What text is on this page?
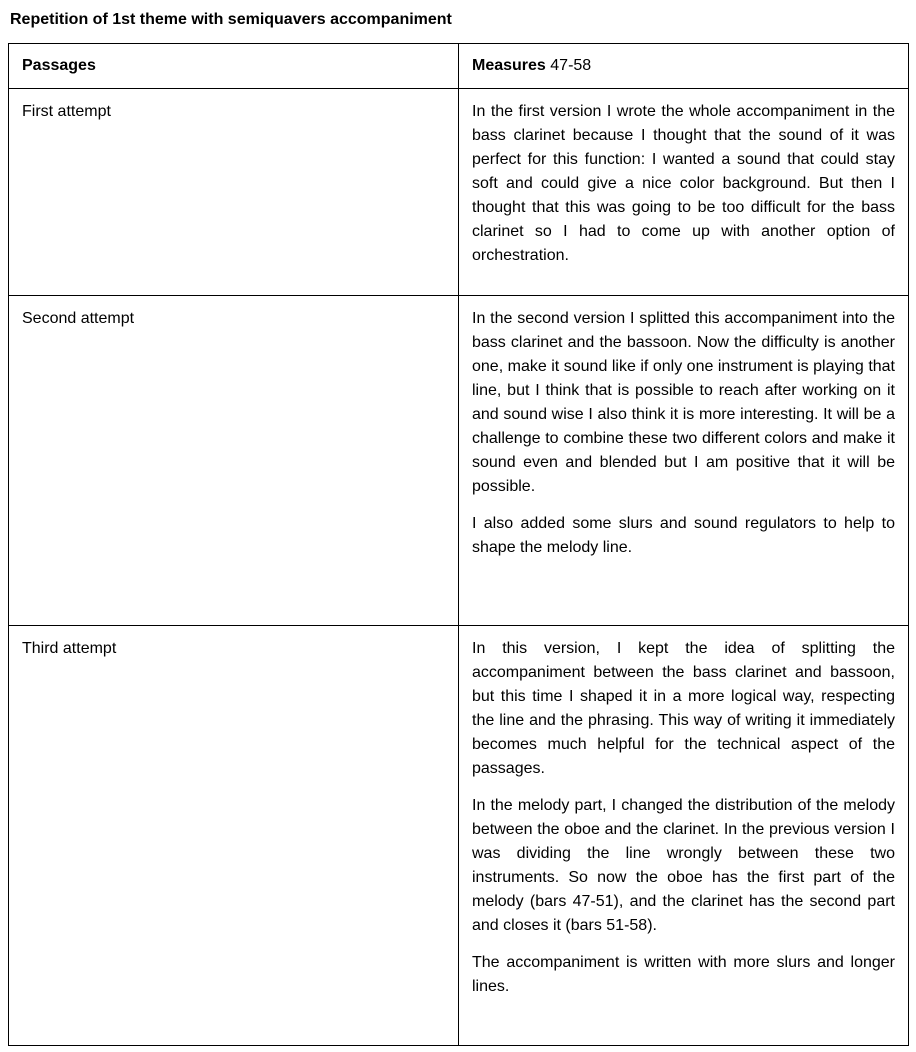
Repetition of 1st theme with semiquavers accompaniment
Passages	Measures 47-58
First attempt	In the first version I wrote the whole accompaniment in the bass clarinet because I thought that the sound of it was perfect for this function: I wanted a sound that could stay soft and could give a nice color background. But then I thought that this was going to be too difficult for the bass clarinet so I had to come up with another option of orchestration.

Second attempt	In the second version I splitted this accompaniment into the bass clarinet and the bassoon. Now the difficulty is another one, make it sound like if only one instrument is playing that line, but I think that is possible to reach after working on it and sound wise I also think it is more interesting. It will be a challenge to combine these two different colors and make it sound even and blended but I am positive that it will be possible.

I also added some slurs and sound regulators to help to shape the melody line.

Third attempt	In this version, I kept the idea of splitting the accompaniment between the bass clarinet and bassoon, but this time I shaped it in a more logical way, respecting the line and the phrasing. This way of writing it immediately becomes much helpful for the technical aspect of the passages.

In the melody part, I changed the distribution of the melody between the oboe and the clarinet. In the previous version I was dividing the line wrongly between these two instruments. So now the oboe has the first part of the melody (bars 47-51), and the clarinet has the second part and closes it (bars 51-58).

The accompaniment is written with more slurs and longer lines.
